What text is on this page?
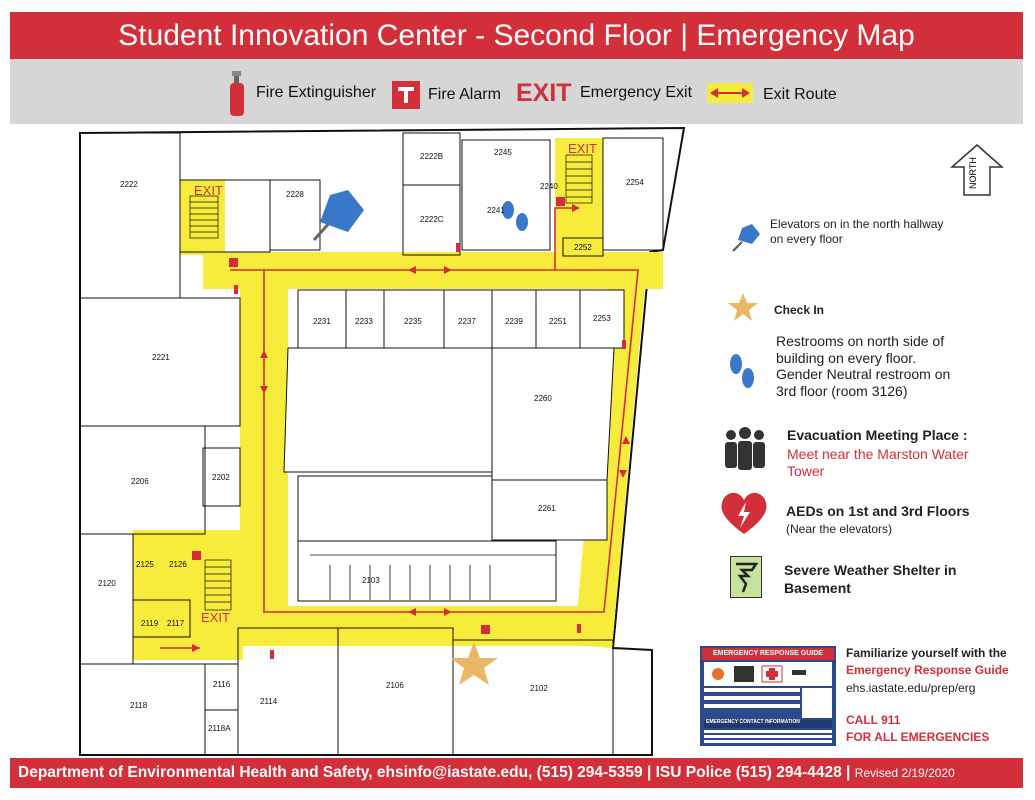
Student Innovation Center - Second Floor | Emergency Map
Fire Extinguisher	Fire Alarm EXIT Emergency Exit	Exit Route
EXIT
EXIT
EXIT
2222
2222B
2222C
2228
2245
2240
2241
2254
2252
2231	2233	2235	2237	2239	2251	2253
2221
2260
2206	2202
2261
2120
2125 2126
2119 2117
2103
2118
2116
2114
2118A
2106	2102
NORTH
Elevators on in the north hallway on every floor
Check In
Restrooms on north side of building on every floor. Gender Neutral restroom on 3rd floor (room 3126)
Evacuation Meeting Place :
Meet near the Marston Water Tower
AEDs on 1st and 3rd Floors (Near the elevators)
Severe Weather Shelter in Basement
EMERGENCY RESPONSE GUIDE
EMERGENCY CONTACT INFORMATION
Familiarize yourself with the
Emergency Response Guide
ehs.iastate.edu/prep/erg
CALL 911
FOR ALL EMERGENCIES
Department of Environmental Health and Safety, ehsinfo@iastate.edu, (515) 294-5359 | ISU Police (515) 294-4428 | Revised 2/19/2020
